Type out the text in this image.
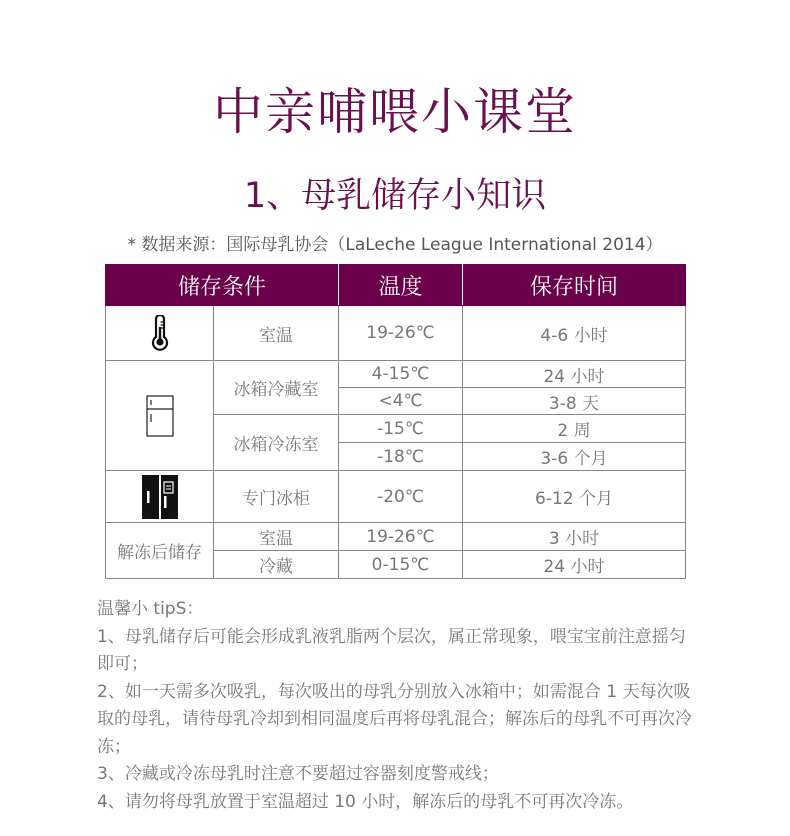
中亲哺喂小课堂
1、母乳储存小知识
* 数据来源：国际母乳协会（LaLeche League International 2014）
储存条件		温度	保存时间
	室温	19-26℃	4-6 小时
	冰箱冷藏室	4-15℃	24 小时
		<4℃	3-8 天
	冰箱冷冻室	-15℃	2 周
		-18℃	3-6 个月
	专门冰柜	-20℃	6-12 个月
解冻后储存	室温	19-26℃	3 小时
	冷藏	0-15℃	24 小时

温馨小 tipS：

1、母乳储存后可能会形成乳液乳脂两个层次，属正常现象，喂宝宝前注意摇匀即可；

2、如一天需多次吸乳，每次吸出的母乳分别放入冰箱中；如需混合 1 天每次吸取的母乳，请待母乳冷却到相同温度后再将母乳混合；解冻后的母乳不可再次冷冻；

3、冷藏或冷冻母乳时注意不要超过容器刻度警戒线；

4、请勿将母乳放置于室温超过 10 小时，解冻后的母乳不可再次冷冻。
